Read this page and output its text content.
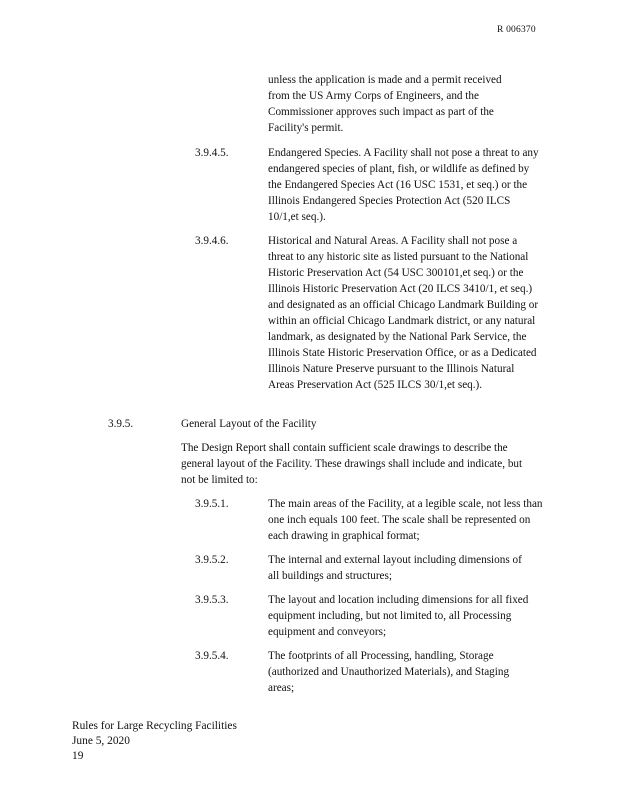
R 006370

unless the application is made and a permit received from the US Army Corps of Engineers, and the Commissioner approves such impact as part of the Facility's permit.

3.9.4.5.	Endangered Species. A Facility shall not pose a threat to any endangered species of plant, fish, or wildlife as defined by the Endangered Species Act (16 USC 1531, et seq.) or the Illinois Endangered Species Protection Act (520 ILCS 10/1,et seq.).

3.9.4.6.	Historical and Natural Areas. A Facility shall not pose a threat to any historic site as listed pursuant to the National Historic Preservation Act (54 USC 300101,et seq.) or the Illinois Historic Preservation Act (20 ILCS 3410/1, et seq.) and designated as an official Chicago Landmark Building or within an official Chicago Landmark district, or any natural landmark, as designated by the National Park Service, the Illinois State Historic Preservation Office, or as a Dedicated Illinois Nature Preserve pursuant to the Illinois Natural Areas Preservation Act (525 ILCS 30/1,et seq.).

3.9.5.	General Layout of the Facility

The Design Report shall contain sufficient scale drawings to describe the general layout of the Facility. These drawings shall include and indicate, but not be limited to:

3.9.5.1.	The main areas of the Facility, at a legible scale, not less than one inch equals 100 feet. The scale shall be represented on each drawing in graphical format;

3.9.5.2.	The internal and external layout including dimensions of all buildings and structures;

3.9.5.3.	The layout and location including dimensions for all fixed equipment including, but not limited to, all Processing equipment and conveyors;

3.9.5.4.	The footprints of all Processing, handling, Storage (authorized and Unauthorized Materials), and Staging areas;

Rules for Large Recycling Facilities
June 5, 2020
19
